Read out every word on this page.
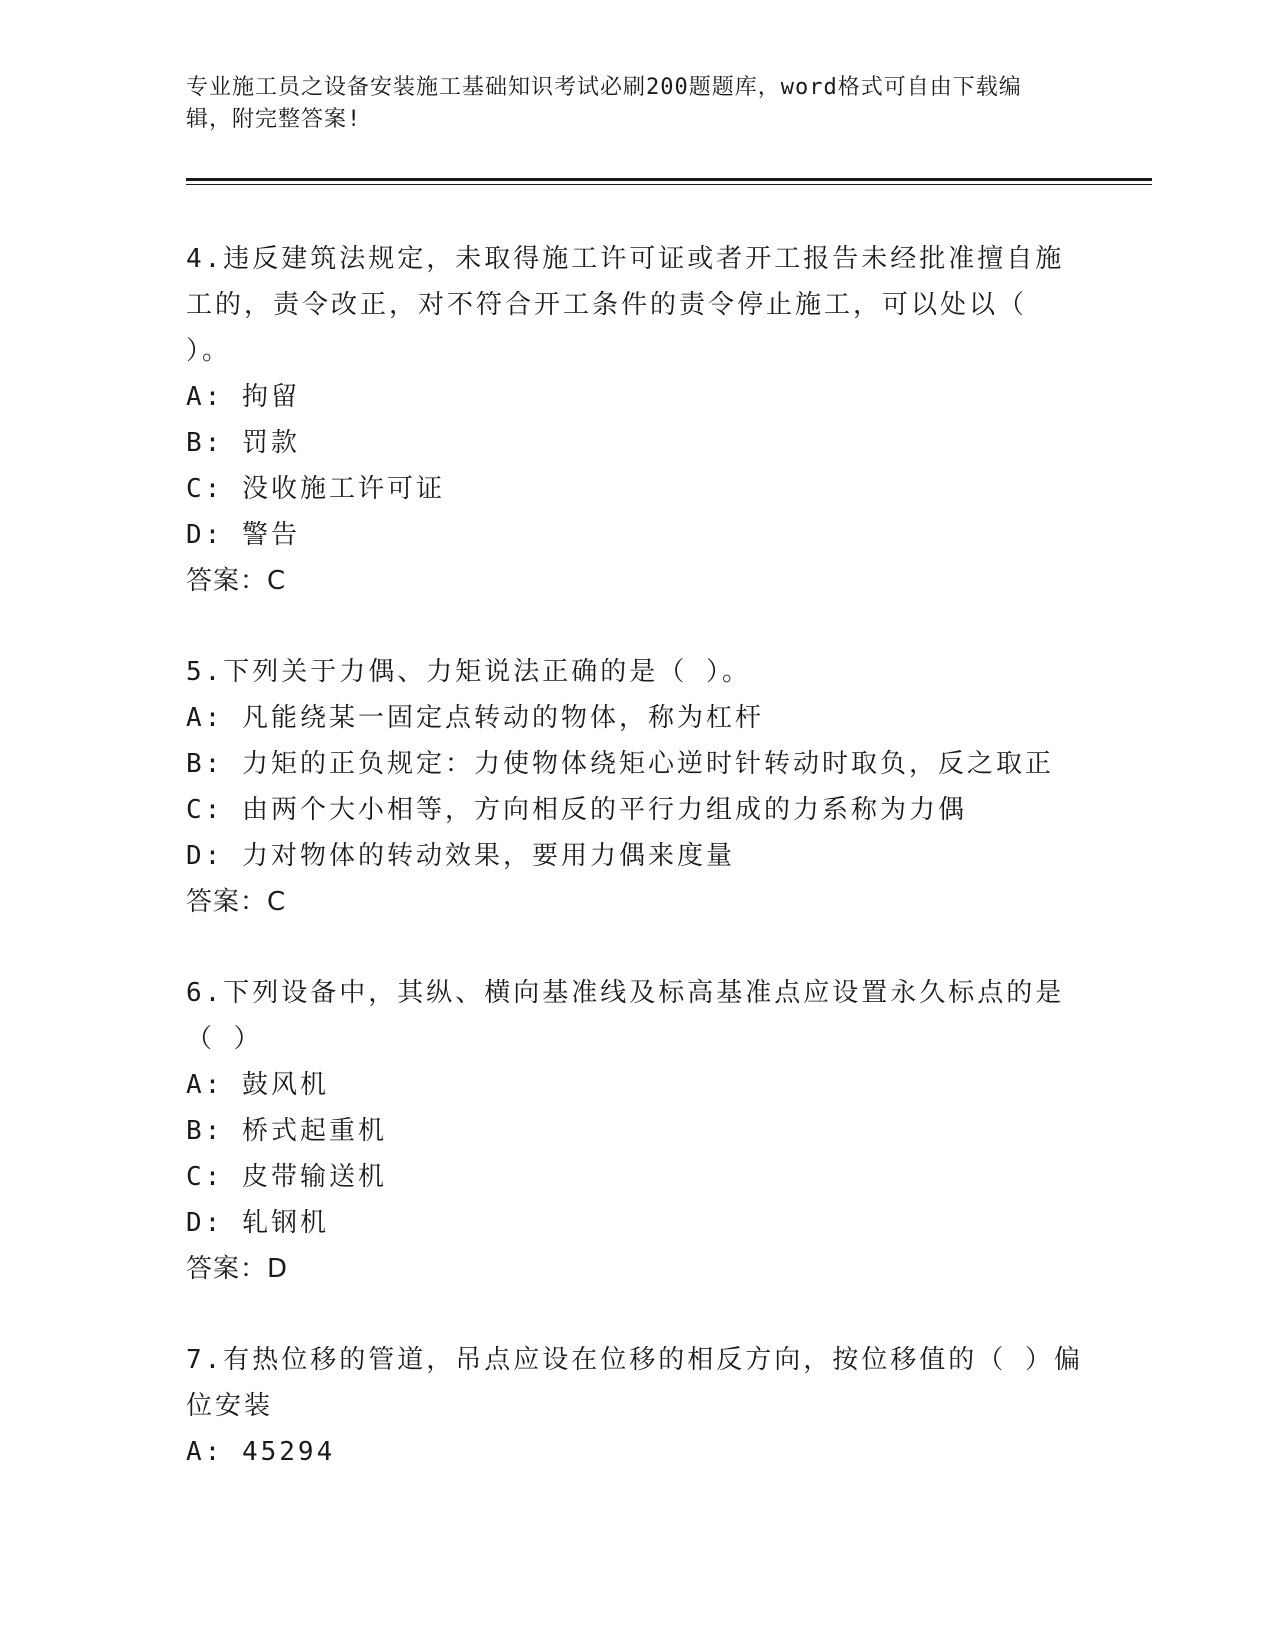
专业施工员之设备安装施工基础知识考试必刷200题题库，word格式可自由下载编辑，附完整答案!

4.违反建筑法规定，未取得施工许可证或者开工报告未经批准擅自施工的，责令改正，对不符合开工条件的责令停止施工，可以处以（ ）。

A: 拘留

B: 罚款

C: 没收施工许可证

D: 警告

答案：C

5.下列关于力偶、力矩说法正确的是（ ）。

A: 凡能绕某一固定点转动的物体，称为杠杆

B: 力矩的正负规定：力使物体绕矩心逆时针转动时取负，反之取正

C: 由两个大小相等，方向相反的平行力组成的力系称为力偶

D: 力对物体的转动效果，要用力偶来度量

答案：C

6.下列设备中，其纵、横向基准线及标高基准点应设置永久标点的是（ ）

A: 鼓风机

B: 桥式起重机

C: 皮带输送机

D: 轧钢机

答案：D

7.有热位移的管道，吊点应设在位移的相反方向，按位移值的（ ）偏位安装

A: 45294
